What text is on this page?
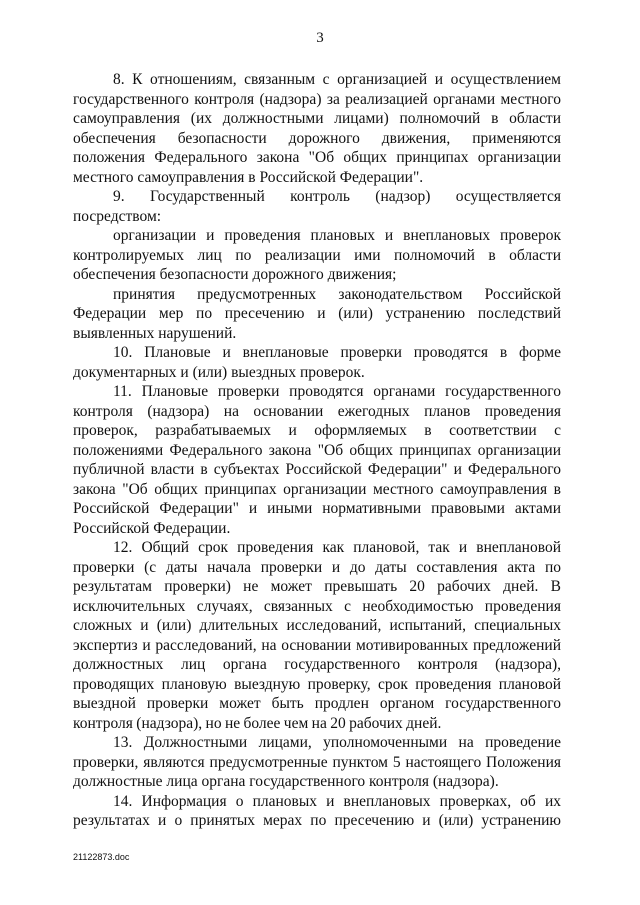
3

8. К отношениям, связанным с организацией и осуществлением государственного контроля (надзора) за реализацией органами местного самоуправления (их должностными лицами) полномочий в области обеспечения безопасности дорожного движения, применяются положения Федерального закона "Об общих принципах организации местного самоуправления в Российской Федерации".

9. Государственный контроль (надзор) осуществляется посредством:

организации и проведения плановых и внеплановых проверок контролируемых лиц по реализации ими полномочий в области обеспечения безопасности дорожного движения;

принятия предусмотренных законодательством Российской Федерации мер по пресечению и (или) устранению последствий выявленных нарушений.

10. Плановые и внеплановые проверки проводятся в форме документарных и (или) выездных проверок.

11. Плановые проверки проводятся органами государственного контроля (надзора) на основании ежегодных планов проведения проверок, разрабатываемых и оформляемых в соответствии с положениями Федерального закона "Об общих принципах организации публичной власти в субъектах Российской Федерации" и Федерального закона "Об общих принципах организации местного самоуправления в Российской Федерации" и иными нормативными правовыми актами Российской Федерации.

12. Общий срок проведения как плановой, так и внеплановой проверки (с даты начала проверки и до даты составления акта по результатам проверки) не может превышать 20 рабочих дней. В исключительных случаях, связанных с необходимостью проведения сложных и (или) длительных исследований, испытаний, специальных экспертиз и расследований, на основании мотивированных предложений должностных лиц органа государственного контроля (надзора), проводящих плановую выездную проверку, срок проведения плановой выездной проверки может быть продлен органом государственного контроля (надзора), но не более чем на 20 рабочих дней.

13. Должностными лицами, уполномоченными на проведение проверки, являются предусмотренные пунктом 5 настоящего Положения должностные лица органа государственного контроля (надзора).

14. Информация о плановых и внеплановых проверках, об их результатах и о принятых мерах по пресечению и (или) устранению

21122873.doc
